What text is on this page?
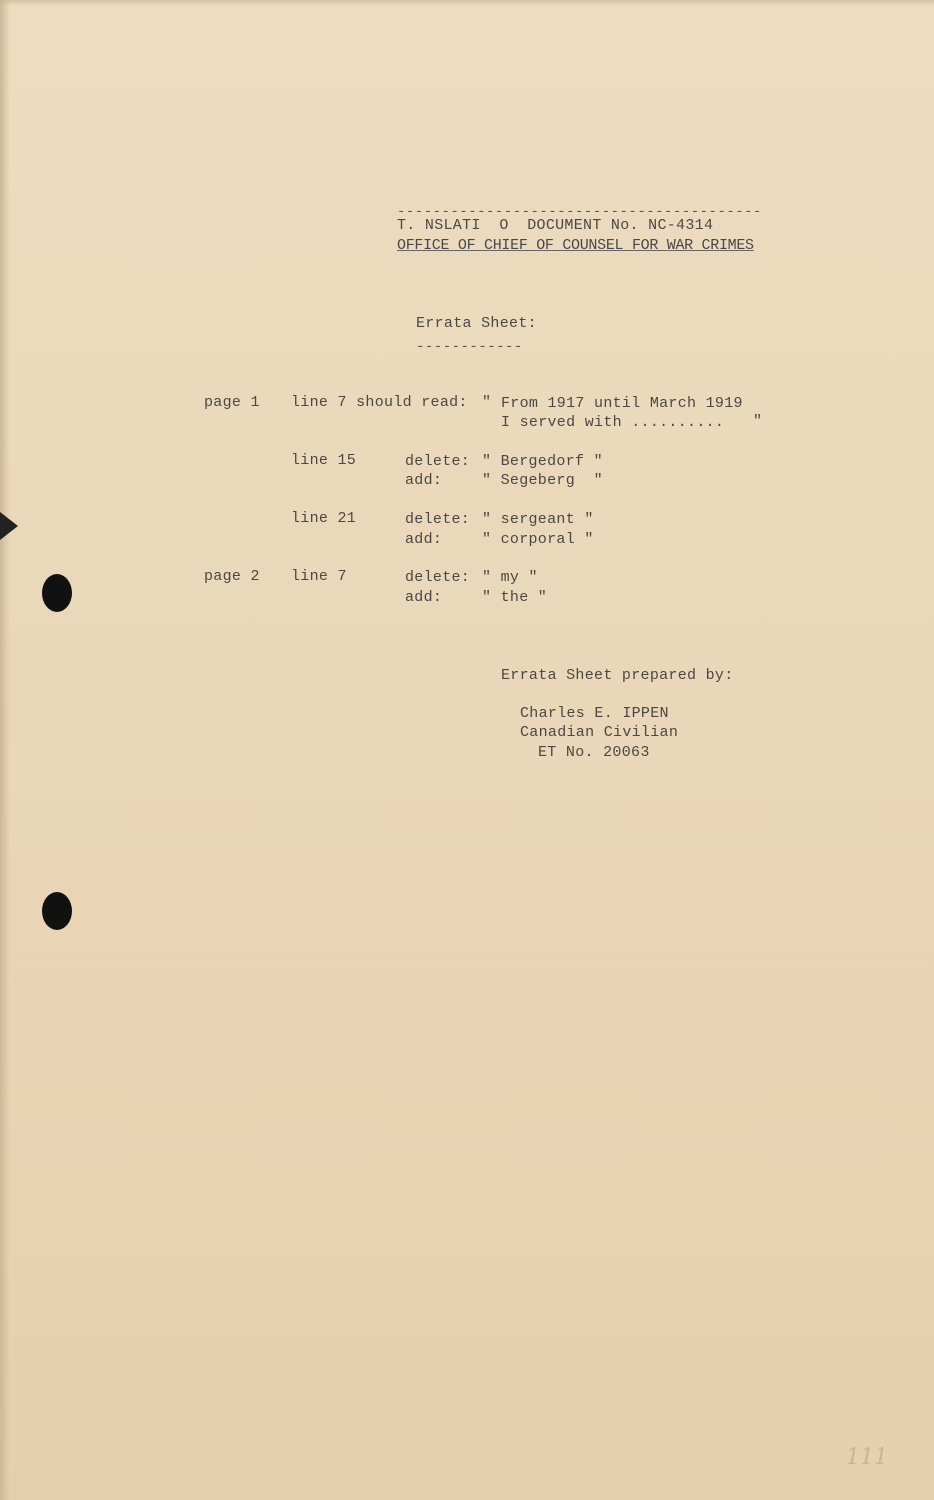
-----------------------------------------
T. NSLATI  O  DOCUMENT No. NC-4314
OFFICE OF CHIEF OF COUNSEL FOR WAR CRIMES
Errata Sheet:
------------
page 1 line 7 should read: " From 1917 until March 1919
I served with .......... "
line 15	delete: " Bergedorf "
add:	" Segeberg  "
line 21	delete: " sergeant "
add:	" corporal "
page 2 line 7	delete: " my "
add:	" the "
Errata Sheet prepared by:
Charles E. IPPEN
Canadian Civilian
ET No. 20063
111
